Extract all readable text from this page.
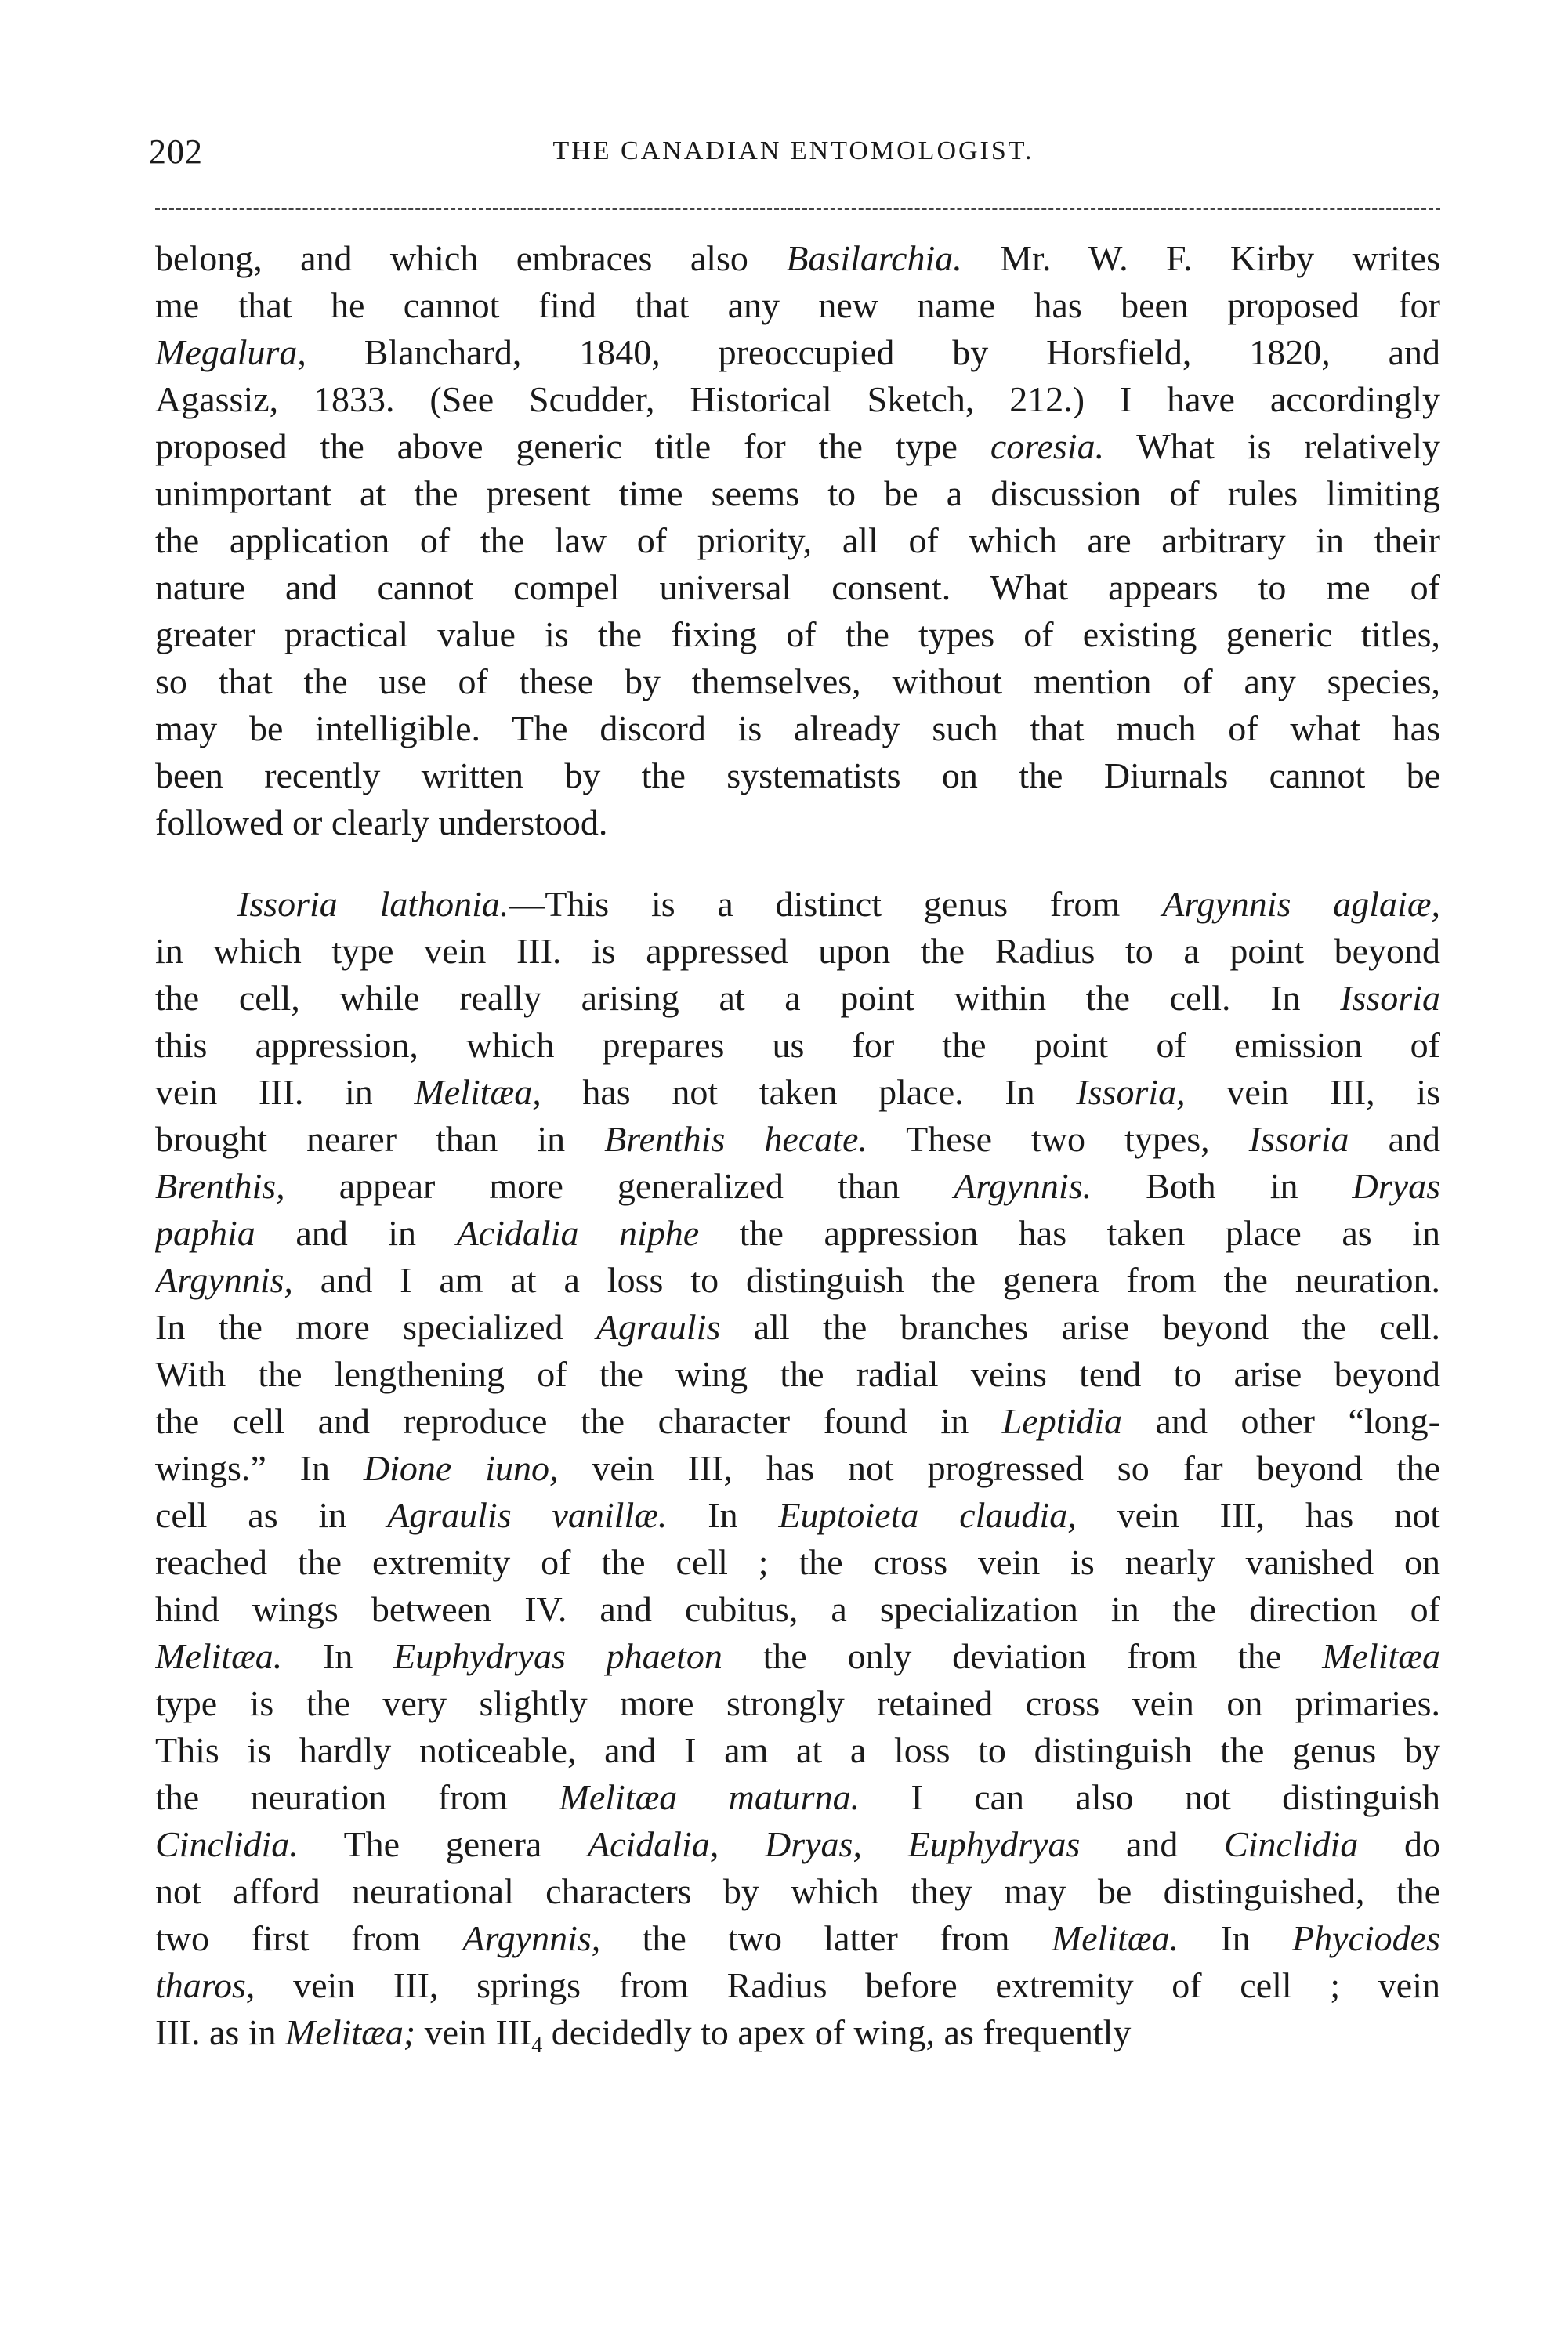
202	THE CANADIAN ENTOMOLOGIST.
belong, and which embraces also Basilarchia. Mr. W. F. Kirby writes
me that he cannot find that any new name has been proposed for
Megalura, Blanchard, 1840, preoccupied by Horsfield, 1820, and
Agassiz, 1833. (See Scudder, Historical Sketch, 212.) I have accordingly
proposed the above generic title for the type coresia. What is relatively
unimportant at the present time seems to be a discussion of rules limiting
the application of the law of priority, all of which are arbitrary in their
nature and cannot compel universal consent. What appears to me of
greater practical value is the fixing of the types of existing generic titles,
so that the use of these by themselves, without mention of any species,
may be intelligible. The discord is already such that much of what has
been recently written by the systematists on the Diurnals cannot be
followed or clearly understood.
Issoria lathonia.—This is a distinct genus from Argynnis aglaiæ,
in which type vein III. is appressed upon the Radius to a point beyond
the cell, while really arising at a point within the cell. In Issoria
this appression, which prepares us for the point of emission of
vein III. in Melitæa, has not taken place. In Issoria, vein III, is
brought nearer than in Brenthis hecate. These two types, Issoria and
Brenthis, appear more generalized than Argynnis. Both in Dryas
paphia and in Acidalia niphe the appression has taken place as in
Argynnis, and I am at a loss to distinguish the genera from the neuration.
In the more specialized Agraulis all the branches arise beyond the cell.
With the lengthening of the wing the radial veins tend to arise beyond
the cell and reproduce the character found in Leptidia and other “long-
wings.” In Dione iuno, vein III, has not progressed so far beyond the
cell as in Agraulis vanillæ. In Euptoieta claudia, vein III, has not
reached the extremity of the cell ; the cross vein is nearly vanished on
hind wings between IV. and cubitus, a specialization in the direction of
Melitæa. In Euphydryas phaeton the only deviation from the Melitæa
type is the very slightly more strongly retained cross vein on primaries.
This is hardly noticeable, and I am at a loss to distinguish the genus by
the neuration from Melitæa maturna. I can also not distinguish
Cinclidia. The genera Acidalia, Dryas, Euphydryas and Cinclidia do
not afford neurational characters by which they may be distinguished, the
two first from Argynnis, the two latter from Melitæa. In Phyciodes
tharos, vein III, springs from Radius before extremity of cell ; vein
III. as in Melitæa; vein $III_4$ decidedly to apex of wing, as frequently
